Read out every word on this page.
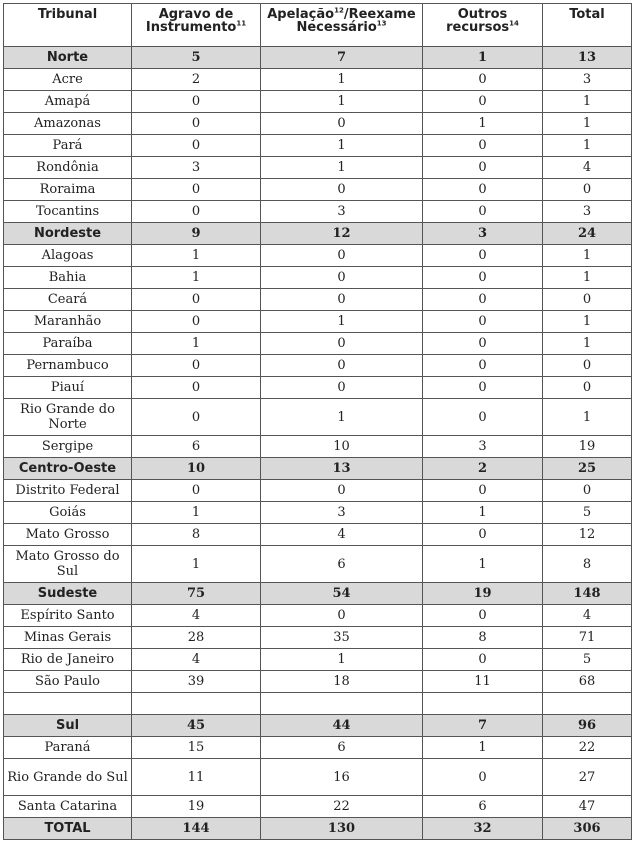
Tribunal	Agravo de Instrumento$^{11}$	Apelação$^{12}$/Reexame Necessário$^{13}$	Outros recursos$^{14}$	Total
Norte	5	7	1	13
Acre	2	1	0	3
Amapá	0	1	0	1
Amazonas	0	0	1	1
Pará	0	1	0	1
Rondônia	3	1	0	4
Roraima	0	0	0	0
Tocantins	0	3	0	3
Nordeste	9	12	3	24
Alagoas	1	0	0	1
Bahia	1	0	0	1
Ceará	0	0	0	0
Maranhão	0	1	0	1
Paraíba	1	0	0	1
Pernambuco	0	0	0	0
Piauí	0	0	0	0
Rio Grande do Norte	0	1	0	1
Sergipe	6	10	3	19
Centro-Oeste	10	13	2	25
Distrito Federal	0	0	0	0
Goiás	1	3	1	5
Mato Grosso	8	4	0	12
Mato Grosso do Sul	1	6	1	8
Sudeste	75	54	19	148
Espírito Santo	4	0	0	4
Minas Gerais	28	35	8	71
Rio de Janeiro	4	1	0	5
São Paulo	39	18	11	68

Sul	45	44	7	96
Paraná	15	6	1	22
Rio Grande do Sul	11	16	0	27
Santa Catarina	19	22	6	47
TOTAL	144	130	32	306
